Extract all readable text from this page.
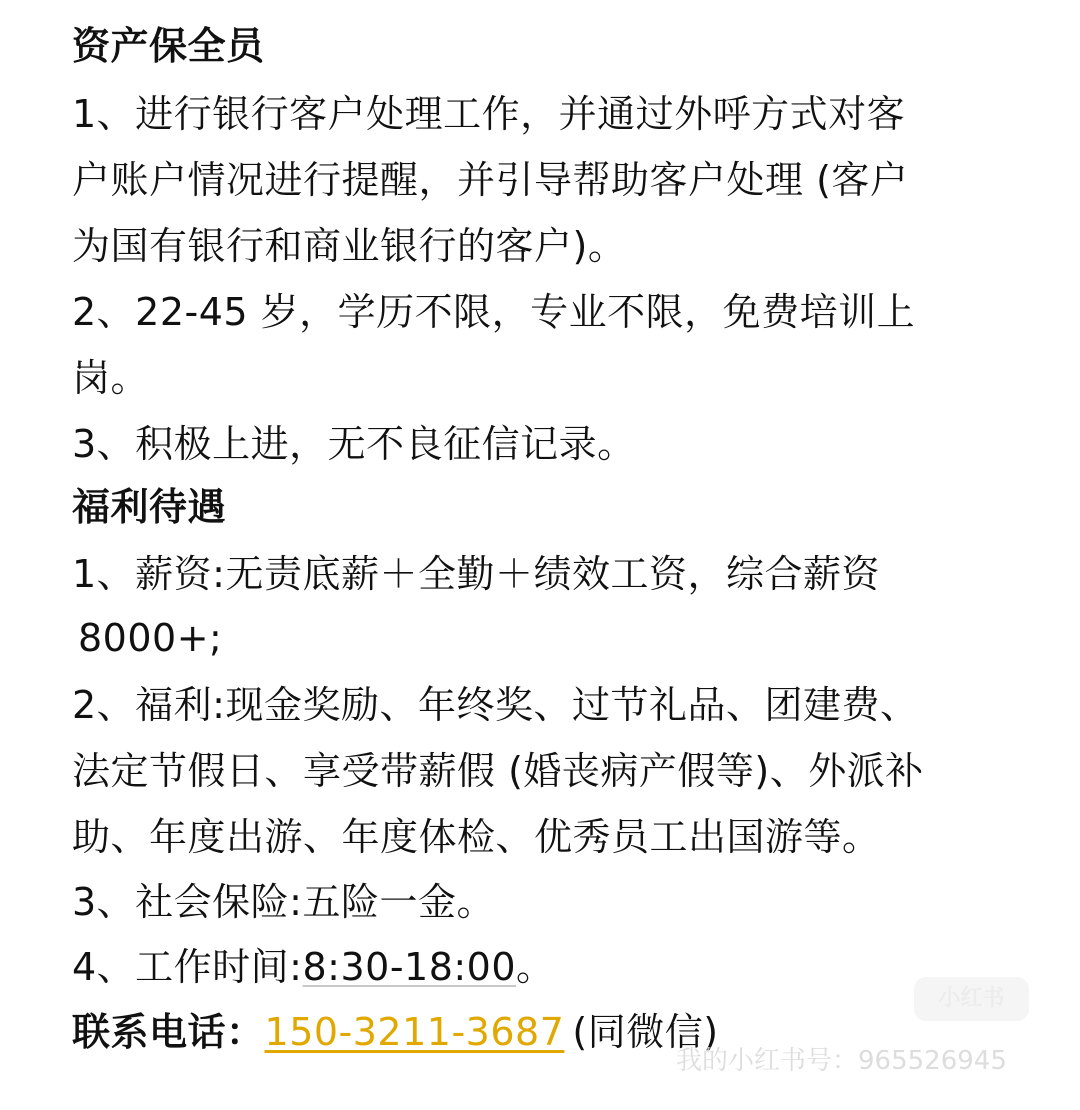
资产保全员
1、进行银行客户处理工作，并通过外呼方式对客
户账户情况进行提醒，并引导帮助客户处理 (客户
为国有银行和商业银行的客户)。
2、22-45 岁，学历不限，专业不限，免费培训上
岗。
3、积极上进，无不良征信记录。
福利待遇
1、薪资:无责底薪＋全勤＋绩效工资，综合薪资
8000+;
2、福利:现金奖励、年终奖、过节礼品、团建费、
法定节假日、享受带薪假 (婚丧病产假等)、外派补
助、年度出游、年度体检、优秀员工出国游等。
3、社会保险:五险一金。
4、工作时间:8:30-18:00。
联系电话：150-3211-3687 (同微信)
小红书
我的小红书号：965526945
